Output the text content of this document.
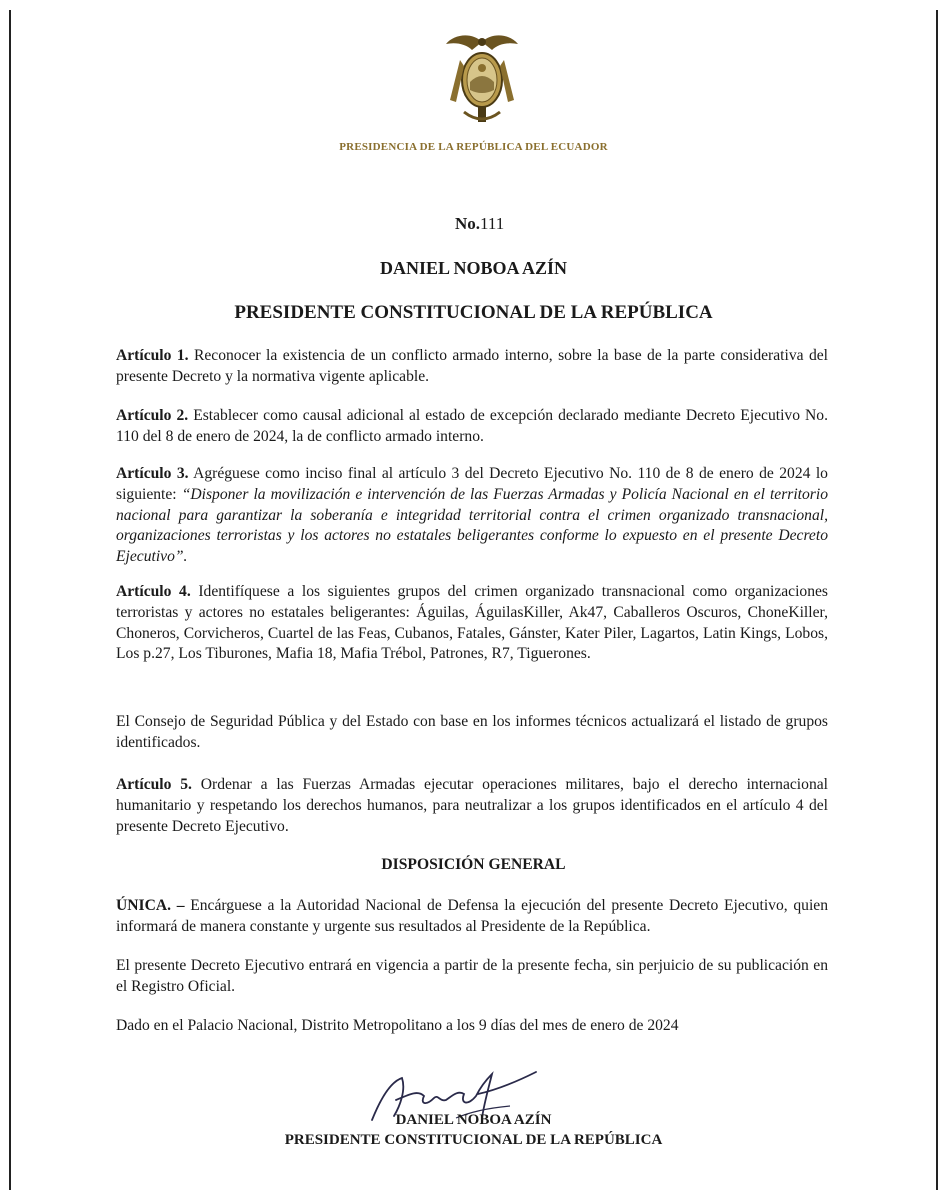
PRESIDENCIA DE LA REPÚBLICA DEL ECUADOR
No.111
DANIEL NOBOA AZÍN
PRESIDENTE CONSTITUCIONAL DE LA REPÚBLICA

Artículo 1. Reconocer la existencia de un conflicto armado interno, sobre la base de la parte considerativa del presente Decreto y la normativa vigente aplicable.

Artículo 2. Establecer como causal adicional al estado de excepción declarado mediante Decreto Ejecutivo No. 110 del 8 de enero de 2024, la de conflicto armado interno.

Artículo 3. Agréguese como inciso final al artículo 3 del Decreto Ejecutivo No. 110 de 8 de enero de 2024 lo siguiente: “Disponer la movilización e intervención de las Fuerzas Armadas y Policía Nacional en el territorio nacional para garantizar la soberanía e integridad territorial contra el crimen organizado transnacional, organizaciones terroristas y los actores no estatales beligerantes conforme lo expuesto en el presente Decreto Ejecutivo”.

Artículo 4. Identifíquese a los siguientes grupos del crimen organizado transnacional como organizaciones terroristas y actores no estatales beligerantes: Águilas, ÁguilasKiller, Ak47, Caballeros Oscuros, ChoneKiller, Choneros, Corvicheros, Cuartel de las Feas, Cubanos, Fatales, Gánster, Kater Piler, Lagartos, Latin Kings, Lobos, Los p.27, Los Tiburones, Mafia 18, Mafia Trébol, Patrones, R7, Tiguerones.

El Consejo de Seguridad Pública y del Estado con base en los informes técnicos actualizará el listado de grupos identificados.

Artículo 5. Ordenar a las Fuerzas Armadas ejecutar operaciones militares, bajo el derecho internacional humanitario y respetando los derechos humanos, para neutralizar a los grupos identificados en el artículo 4 del presente Decreto Ejecutivo.

DISPOSICIÓN GENERAL

ÚNICA. – Encárguese a la Autoridad Nacional de Defensa la ejecución del presente Decreto Ejecutivo, quien informará de manera constante y urgente sus resultados al Presidente de la República.

El presente Decreto Ejecutivo entrará en vigencia a partir de la presente fecha, sin perjuicio de su publicación en el Registro Oficial.

Dado en el Palacio Nacional, Distrito Metropolitano a los 9 días del mes de enero de 2024

DANIEL NOBOA AZÍN
PRESIDENTE CONSTITUCIONAL DE LA REPÚBLICA
